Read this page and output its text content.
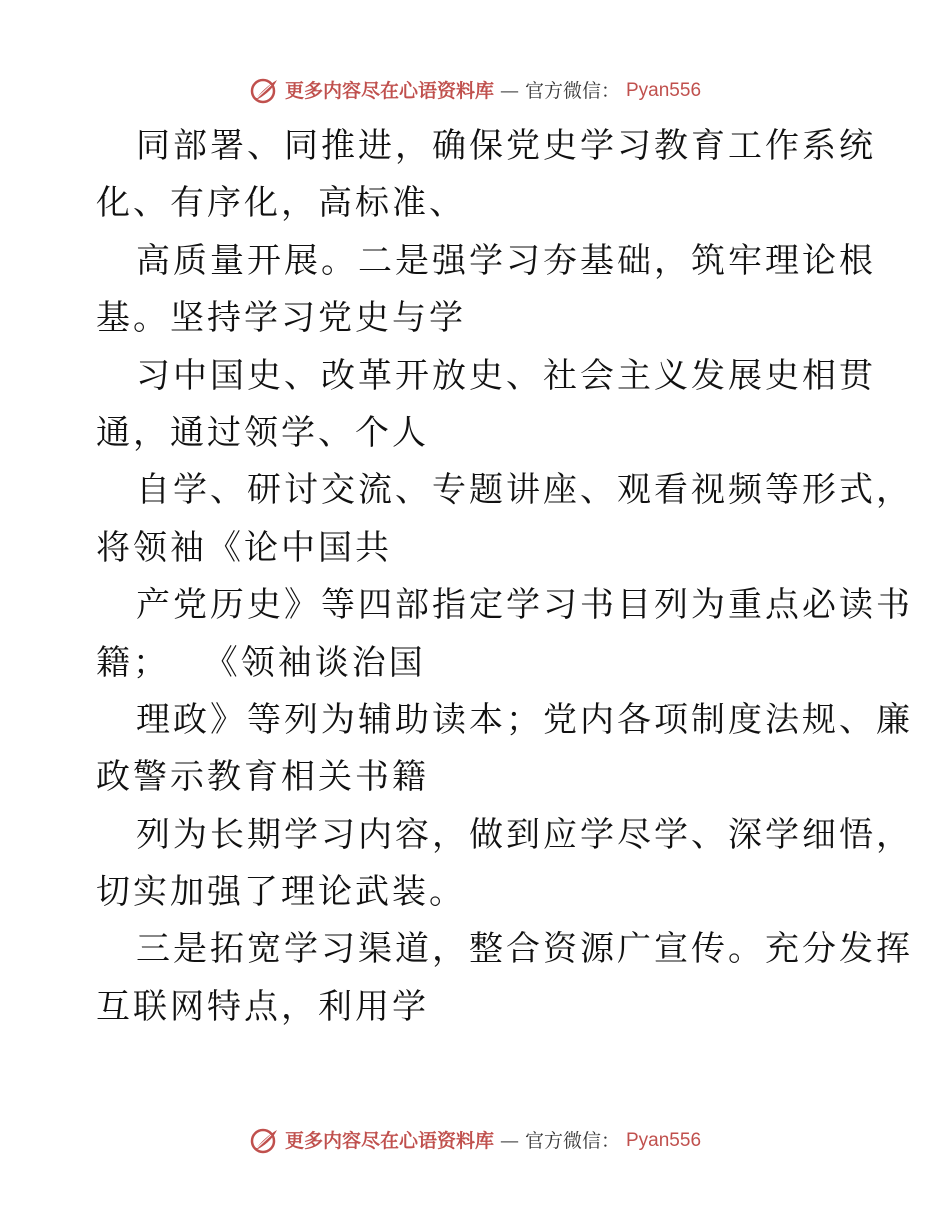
更多内容尽在心语资料库 — 官方微信： Pyan556
同部署、同推进，确保党史学习教育工作系统
化、有序化，高标准、
高质量开展。二是强学习夯基础，筑牢理论根
基。坚持学习党史与学
习中国史、改革开放史、社会主义发展史相贯
通，通过领学、个人
自学、研讨交流、专题讲座、观看视频等形式，
将领袖《论中国共
产党历史》等四部指定学习书目列为重点必读书
籍；　 《领袖谈治国
理政》等列为辅助读本；党内各项制度法规、廉
政警示教育相关书籍
列为长期学习内容，做到应学尽学、深学细悟，
切实加强了理论武装。
三是拓宽学习渠道，整合资源广宣传。充分发挥
互联网特点，利用学
更多内容尽在心语资料库 — 官方微信： Pyan556
